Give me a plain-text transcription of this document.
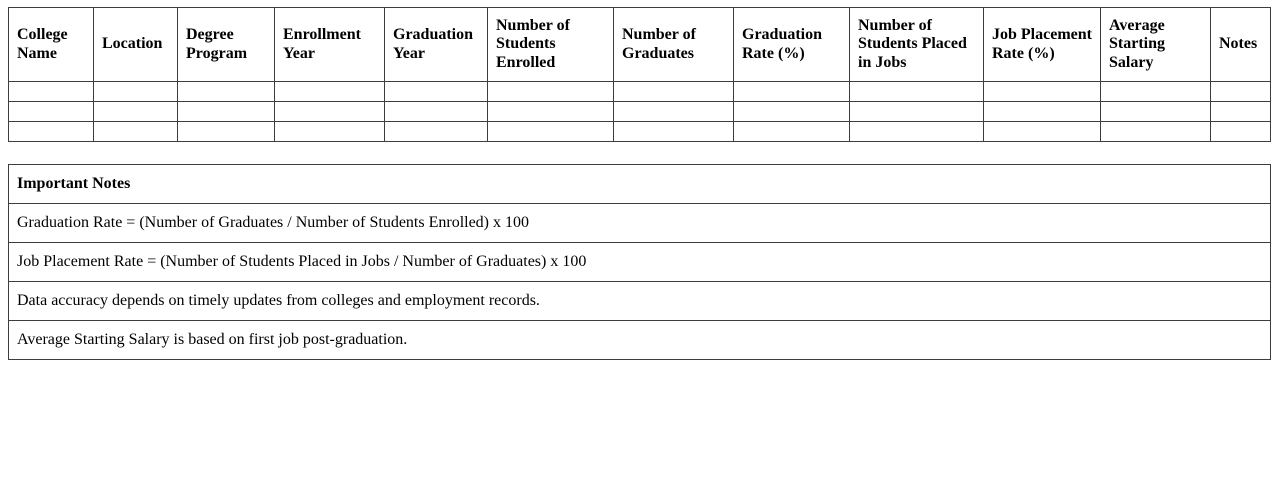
College Name	Location	Degree Program	Enrollment Year	Graduation Year	Number of Students Enrolled	Number of Graduates	Graduation Rate (%)	Number of Students Placed in Jobs	Job Placement Rate (%)	Average Starting Salary	Notes

Important Notes
Graduation Rate = (Number of Graduates / Number of Students Enrolled) x 100
Job Placement Rate = (Number of Students Placed in Jobs / Number of Graduates) x 100
Data accuracy depends on timely updates from colleges and employment records.
Average Starting Salary is based on first job post-graduation.
